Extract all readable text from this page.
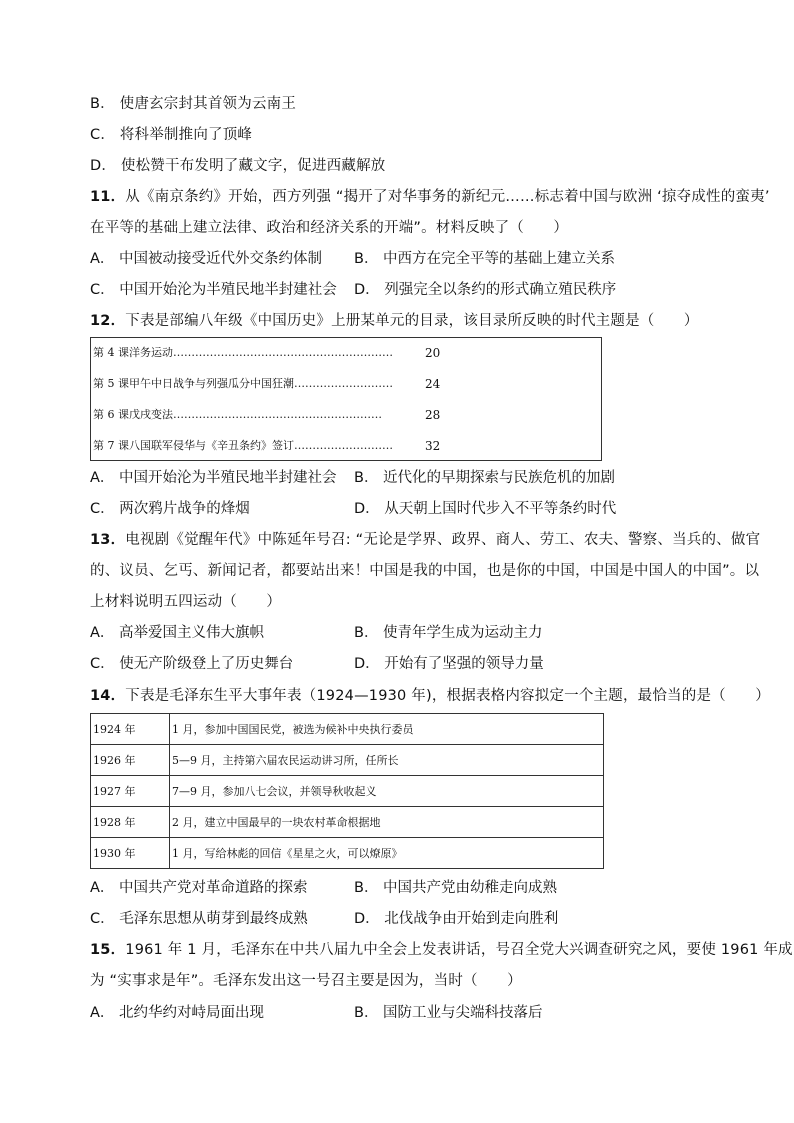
B． 使唐玄宗封其首领为云南王
C． 将科举制推向了顶峰
D． 使松赞干布发明了藏文字，促进西藏解放
11．从《南京条约》开始，西方列强 “揭开了对华事务的新纪元……标志着中国与欧洲 ‘掠夺成性的蛮夷’
在平等的基础上建立法律、政治和经济关系的开端”。材料反映了（　　）
A． 中国被动接受近代外交条约体制 B． 中西方在完全平等的基础上建立关系
C． 中国开始沦为半殖民地半封建社会 D． 列强完全以条约的形式确立殖民秩序
12．下表是部编八年级《中国历史》上册某单元的目录，该目录所反映的时代主题是（　　）
第 4 课洋务运动……………………………………………………	20
第 5 课甲午中日战争与列强瓜分中国狂潮………………………	24
第 6 课戊戌变法…………………………………………………	28
第 7 课八国联军侵华与《辛丑条约》签订………………………	32
A． 中国开始沦为半殖民地半封建社会 B． 近代化的早期探索与民族危机的加剧
C． 两次鸦片战争的烽烟	D． 从天朝上国时代步入不平等条约时代
13．电视剧《觉醒年代》中陈延年号召: “无论是学界、政界、商人、劳工、农夫、警察、当兵的、做官
的、议员、乞丐、新闻记者，都要站出来！中国是我的中国，也是你的中国，中国是中国人的中国”。以
上材料说明五四运动（　　）
A． 高举爱国主义伟大旗帜	B． 使青年学生成为运动主力
C． 使无产阶级登上了历史舞台	D． 开始有了坚强的领导力量
14．下表是毛泽东生平大事年表（1924—1930 年)，根据表格内容拟定一个主题，最恰当的是（　　）
1924 年	1 月，参加中国国民党，被选为候补中央执行委员
1926 年	5—9 月，主持第六届农民运动讲习所，任所长
1927 年	7—9 月，参加八七会议，并领导秋收起义
1928 年	2 月，建立中国最早的一块农村革命根据地
1930 年	1 月，写给林彪的回信《星星之火，可以燎原》
A． 中国共产党对革命道路的探索	B． 中国共产党由幼稚走向成熟
C． 毛泽东思想从萌芽到最终成熟	D． 北伐战争由开始到走向胜利
15．1961 年 1 月，毛泽东在中共八届九中全会上发表讲话，号召全党大兴调查研究之风，要使 1961 年成
为 “实事求是年”。毛泽东发出这一号召主要是因为，当时（　　）
A． 北约华约对峙局面出现	B． 国防工业与尖端科技落后
